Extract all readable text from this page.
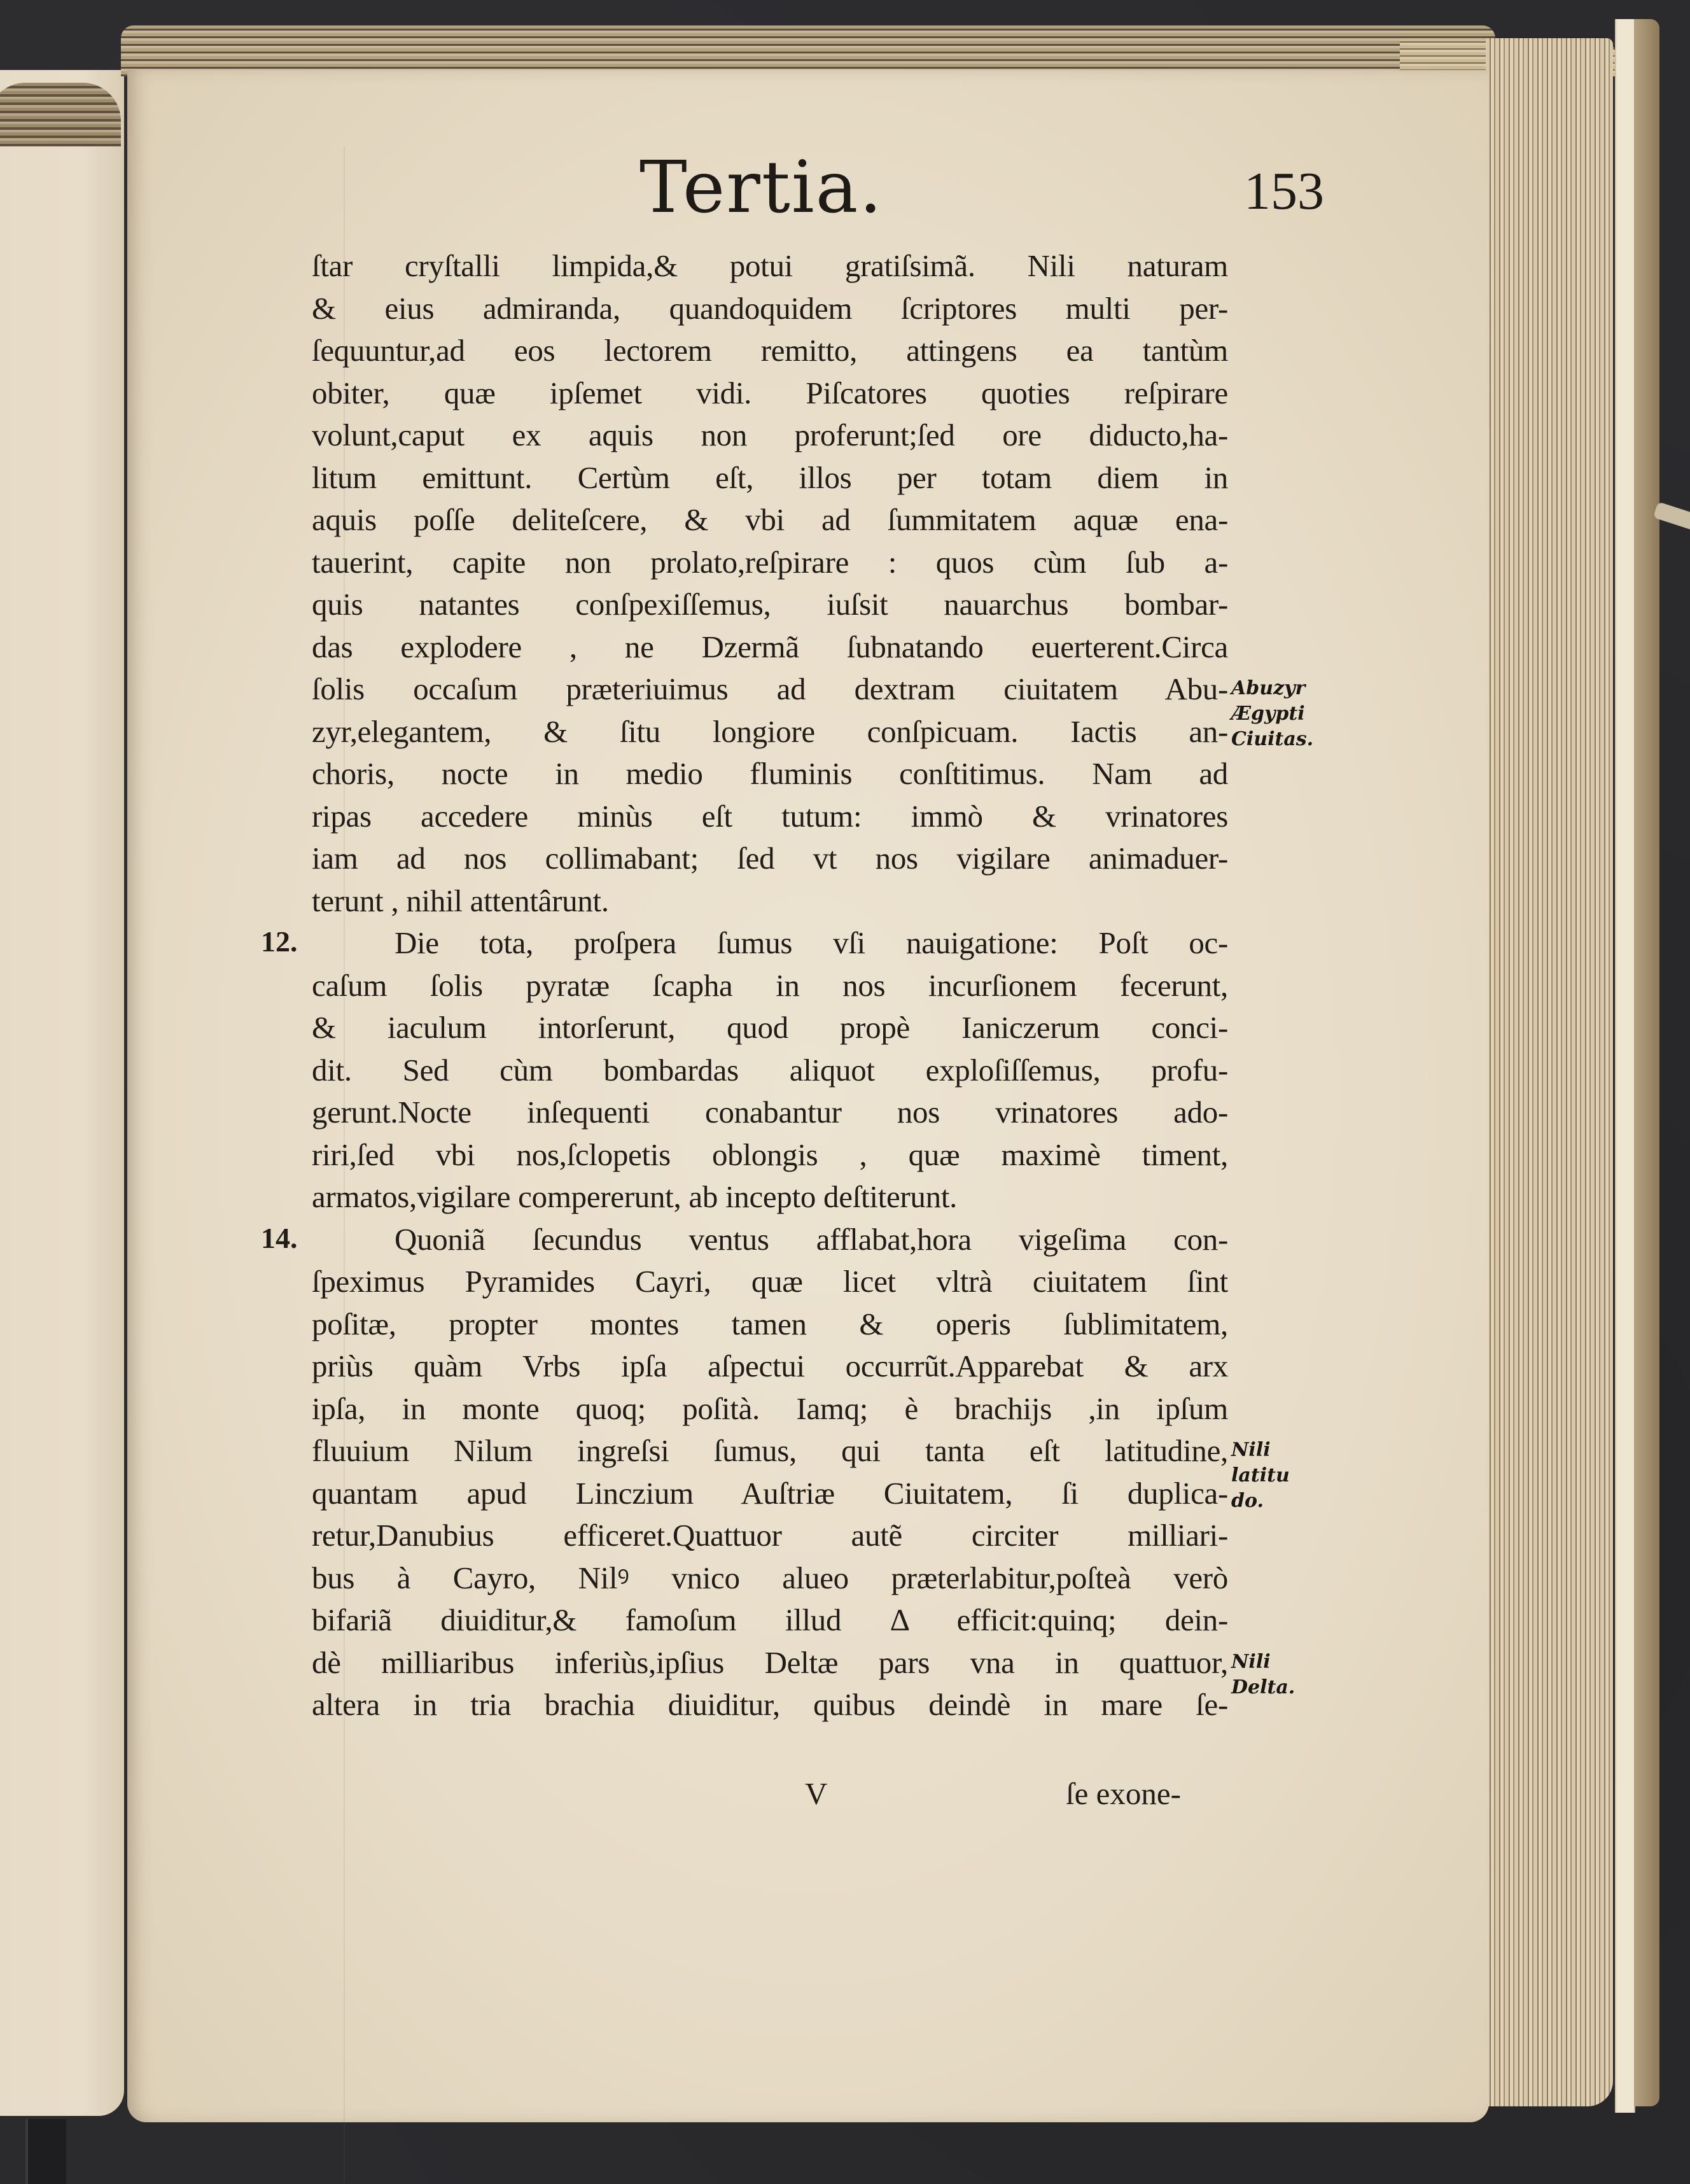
Tertia.	153
ſtar cryſtalli limpida,& potui gratiſsimã. Nili naturam
& eius admiranda, quandoquidem ſcriptores multi per-
ſequuntur,ad eos lectorem remitto, attingens ea tantùm
obiter, quæ ipſemet vidi. Piſcatores quoties reſpirare
volunt,caput ex aquis non proferunt;ſed ore diducto,ha-
litum emittunt. Certùm eſt, illos per totam diem in
aquis poſſe deliteſcere, & vbi ad ſummitatem aquæ ena-
tauerint, capite non prolato,reſpirare : quos cùm ſub a-
quis natantes conſpexiſſemus, iuſsit nauarchus bombar-
das explodere , ne Dzermã ſubnatando euerterent.Circa
ſolis occaſum præteriuimus ad dextram ciuitatem Abu-
zyr,elegantem, & ſitu longiore conſpicuam. Iactis an-
choris, nocte in medio fluminis conſtitimus. Nam ad
ripas accedere minùs eſt tutum: immò & vrinatores
iam ad nos collimabant; ſed vt nos vigilare animaduer-
terunt , nihil attentârunt.
Die tota, proſpera ſumus vſi nauigatione: Poſt oc-
caſum ſolis pyratæ ſcapha in nos incurſionem fecerunt,
& iaculum intorſerunt, quod propè Ianiczerum conci-
dit. Sed cùm bombardas aliquot exploſiſſemus, profu-
gerunt.Nocte inſequenti conabantur nos vrinatores ado-
riri,ſed vbi nos,ſclopetis oblongis , quæ maximè timent,
armatos,vigilare compererunt, ab incepto deſtiterunt.
Quoniã ſecundus ventus afflabat,hora vigeſima con-
ſpeximus Pyramides Cayri, quæ licet vltrà ciuitatem ſint
poſitæ, propter montes tamen & operis ſublimitatem,
priùs quàm Vrbs ipſa aſpectui occurrũt.Apparebat & arx
ipſa, in monte quoq; poſità. Iamq; è brachijs ,in ipſum
fluuium Nilum ingreſsi ſumus, qui tanta eſt latitudine,
quantam apud Linczium Auſtriæ Ciuitatem, ſi duplica-
retur,Danubius efficeret.Quattuor autẽ circiter milliari-
bus à Cayro, Nilꝰ vnico alueo præterlabitur,poſteà verò
bifariã diuiditur,& famoſum illud Δ efficit:quinq; dein-
dè milliaribus inferiùs,ipſius Deltæ pars vna in quattuor,
altera in tria brachia diuiditur, quibus deindè in mare ſe-
12.
14.
Abuzyr Ægypti Ciuitas.
Nili latitu do.
Nili Delta.
V	ſe exone-
